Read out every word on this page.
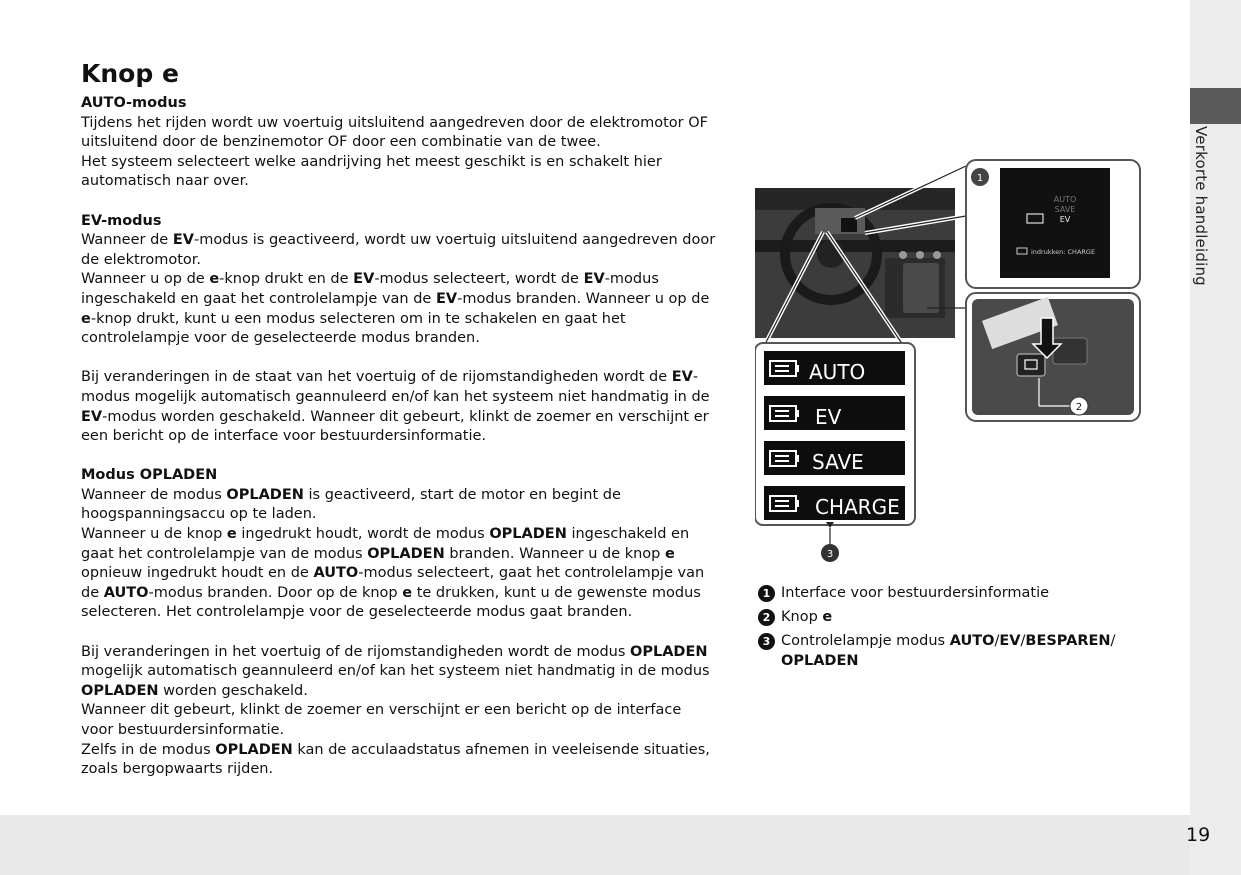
Verkorte handleiding
19
Knop e

AUTO-modus

Tijdens het rijden wordt uw voertuig uitsluitend aangedreven door de elektromotor OF uitsluitend door de benzinemotor OF door een combinatie van de twee.

Het systeem selecteert welke aandrijving het meest geschikt is en schakelt hier automatisch naar over.

EV-modus

Wanneer de EV-modus is geactiveerd, wordt uw voertuig uitsluitend aangedreven door de elektromotor.

Wanneer u op de e-knop drukt en de EV-modus selecteert, wordt de EV-modus ingeschakeld en gaat het controlelampje van de EV-modus branden. Wanneer u op de e-knop drukt, kunt u een modus selecteren om in te schakelen en gaat het controlelampje voor de geselecteerde modus branden.

Bij veranderingen in de staat van het voertuig of de rijomstandigheden wordt de EV-modus mogelijk automatisch geannuleerd en/of kan het systeem niet handmatig in de EV-modus worden geschakeld. Wanneer dit gebeurt, klinkt de zoemer en verschijnt er een bericht op de interface voor bestuurdersinformatie.

Modus OPLADEN

Wanneer de modus OPLADEN is geactiveerd, start de motor en begint de hoogspanningsaccu op te laden.

Wanneer u de knop e ingedrukt houdt, wordt de modus OPLADEN ingeschakeld en gaat het controlelampje van de modus OPLADEN branden. Wanneer u de knop e opnieuw ingedrukt houdt en de AUTO-modus selecteert, gaat het controlelampje van de AUTO-modus branden. Door op de knop e te drukken, kunt u de gewenste modus selecteren. Het controlelampje voor de geselecteerde modus gaat branden.

Bij veranderingen in het voertuig of de rijomstandigheden wordt de modus OPLADEN mogelijk automatisch geannuleerd en/of kan het systeem niet handmatig in de modus OPLADEN worden geschakeld.

Wanneer dit gebeurt, klinkt de zoemer en verschijnt er een bericht op de interface voor bestuurdersinformatie.

Zelfs in de modus OPLADEN kan de acculaadstatus afnemen in veeleisende situaties, zoals bergopwaarts rijden.

AUTO
SAVE
EV
indrukken: CHARGE
1
2
AUTO
EV
SAVE
CHARGE
3
1 Interface voor bestuurdersinformatie
2 Knop e
3 Controlelampje modus AUTO/EV/BESPAREN/
OPLADEN
